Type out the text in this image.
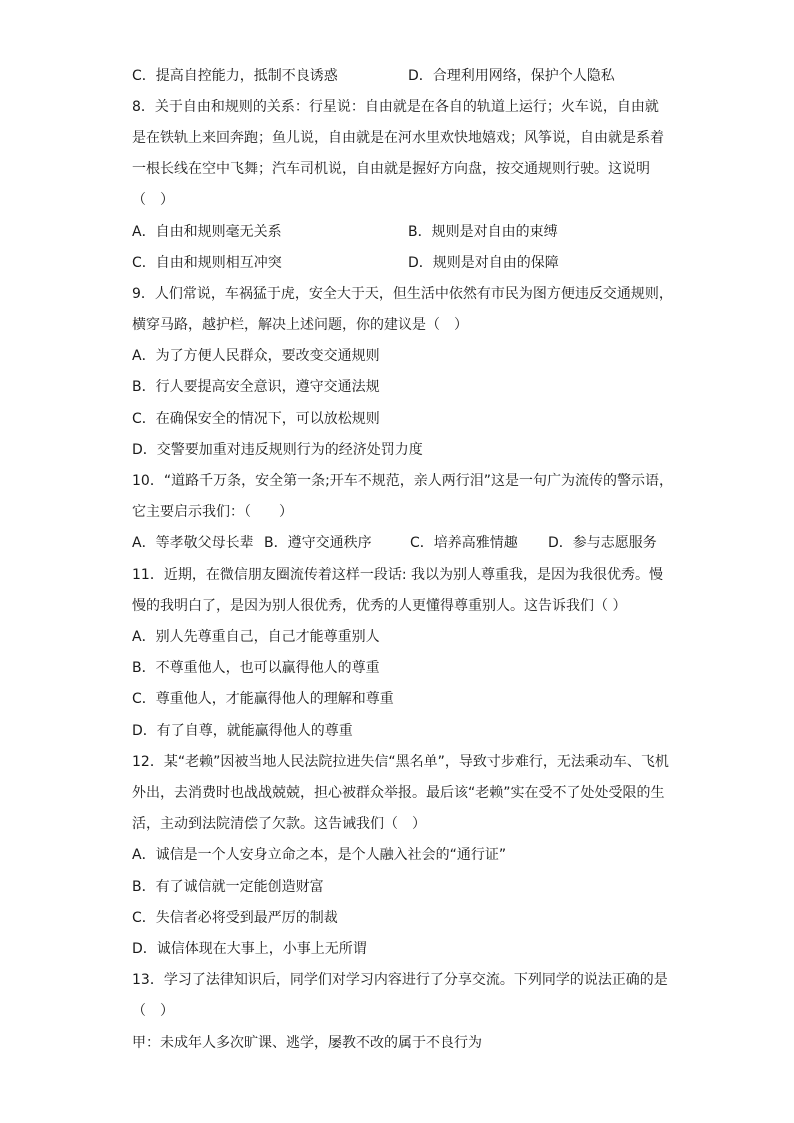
C．提高自控能力，抵制不良诱惑	D．合理利用网络，保护个人隐私
8．关于自由和规则的关系：行星说：自由就是在各自的轨道上运行；火车说，自由就
是在铁轨上来回奔跑；鱼儿说，自由就是在河水里欢快地嬉戏；风筝说，自由就是系着
一根长线在空中飞舞；汽车司机说，自由就是握好方向盘，按交通规则行驶。这说明
（　）
A．自由和规则毫无关系	B．规则是对自由的束缚
C．自由和规则相互冲突	D．规则是对自由的保障
9．人们常说，车祸猛于虎，安全大于天，但生活中依然有市民为图方便违反交通规则，
横穿马路，越护栏，解决上述问题，你的建议是（　）
A．为了方便人民群众，要改变交通规则
B．行人要提高安全意识，遵守交通法规
C．在确保安全的情况下，可以放松规则
D．交警要加重对违反规则行为的经济处罚力度
10．“道路千万条，安全第一条;开车不规范，亲人两行泪”这是一句广为流传的警示语，
它主要启示我们：（　　）
A．等孝敬父母长辈 B．遵守交通秩序	C．培养高雅情趣 D．参与志愿服务
11．近期，在微信朋友圈流传着这样一段话: 我以为别人尊重我，是因为我很优秀。慢
慢的我明白了，是因为别人很优秀，优秀的人更懂得尊重别人。这告诉我们（ ）
A．别人先尊重自己，自己才能尊重别人
B．不尊重他人，也可以赢得他人的尊重
C．尊重他人，才能赢得他人的理解和尊重
D．有了自尊，就能赢得他人的尊重
12．某“老赖”因被当地人民法院拉进失信“黑名单”，导致寸步难行，无法乘动车、飞机
外出，去消费时也战战兢兢，担心被群众举报。最后该“老赖”实在受不了处处受限的生
活，主动到法院清偿了欠款。这告诫我们（　）
A．诚信是一个人安身立命之本，是个人融入社会的“通行证”
B．有了诚信就一定能创造财富
C．失信者必将受到最严厉的制裁
D．诚信体现在大事上，小事上无所谓
13．学习了法律知识后，同学们对学习内容进行了分享交流。下列同学的说法正确的是
（　）
甲：未成年人多次旷课、逃学，屡教不改的属于不良行为
